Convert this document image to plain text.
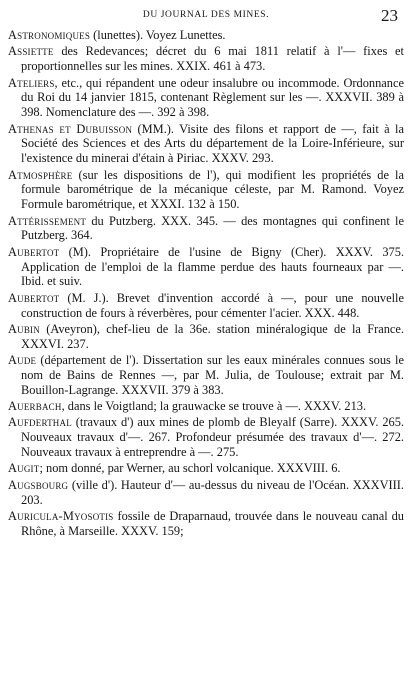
DU JOURNAL DES MINES.	23

Astronomiques (lunettes). Voyez Lunettes.

Assiette des Redevances; décret du 6 mai 1811 relatif à l'— fixes et proportionnelles sur les mines. XXIX. 461 à 473.

Ateliers, etc., qui répandent une odeur insalubre ou incommode. Ordonnance du Roi du 14 janvier 1815, contenant Règlement sur les —. XXXVII. 389 à 398. Nomenclature des —. 392 à 398.

Athenas et Dubuisson (MM.). Visite des filons et rapport de —, fait à la Société des Sciences et des Arts du département de la Loire-Inférieure, sur l'existence du minerai d'étain à Piriac. XXXV. 293.

Atmosphère (sur les dispositions de l'), qui modifient les propriétés de la formule barométrique de la mécanique céleste, par M. Ramond. Voyez Formule barométrique, et XXXI. 132 à 150.

Attérissement du Putzberg. XXX. 345. — des montagnes qui confinent le Putzberg. 364.

Aubertot (M). Propriétaire de l'usine de Bigny (Cher). XXXV. 375. Application de l'emploi de la flamme perdue des hauts fourneaux par —. Ibid. et suiv.

Aubertot (M. J.). Brevet d'invention accordé à —, pour une nouvelle construction de fours à réverbères, pour cémenter l'acier. XXX. 448.

Aubin (Aveyron), chef-lieu de la 36e. station minéralogique de la France. XXXVI. 237.

Aude (département de l'). Dissertation sur les eaux minérales connues sous le nom de Bains de Rennes —, par M. Julia, de Toulouse; extrait par M. Bouillon-Lagrange. XXXVII. 379 à 383.

Auerbach, dans le Voigtland; la grauwacke se trouve à —. XXXV. 213.

Aufderthal (travaux d') aux mines de plomb de Bleyalf (Sarre). XXXV. 265. Nouveaux travaux d'—. 267. Profondeur présumée des travaux d'—. 272. Nouveaux travaux à entreprendre à —. 275.

Augit; nom donné, par Werner, au schorl volcanique. XXXVIII. 6.

Augsbourg (ville d'). Hauteur d'— au-dessus du niveau de l'Océan. XXXVIII. 203.

Auricula-Myosotis fossile de Draparnaud, trouvée dans le nouveau canal du Rhône, à Marseille. XXXV. 159;
